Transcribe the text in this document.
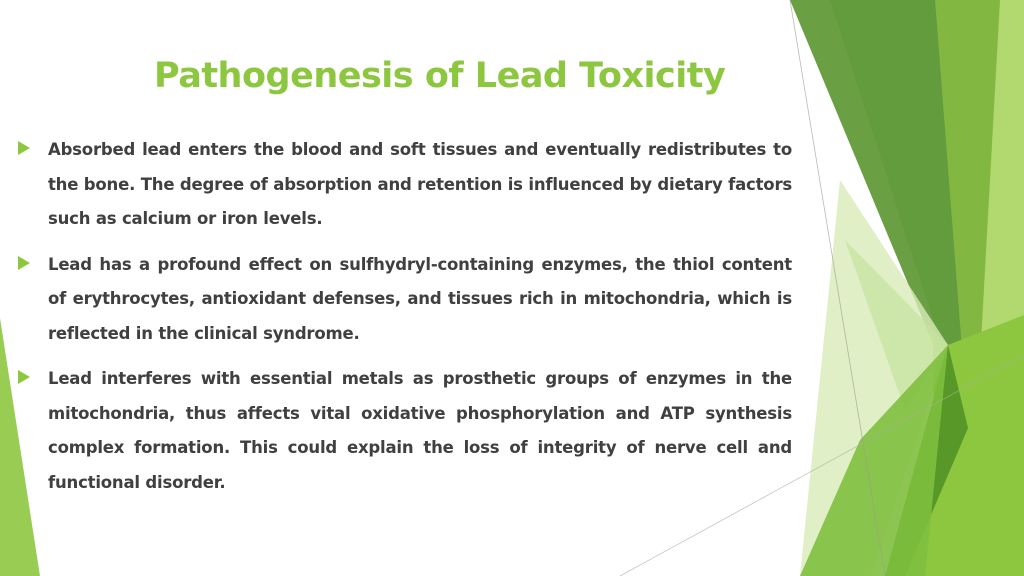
Pathogenesis of Lead Toxicity
Absorbed lead enters the blood and soft tissues and eventually redistributes to the bone. The degree of absorption and retention is influenced by dietary factors such as calcium or iron levels.
Lead has a profound effect on sulfhydryl-containing enzymes, the thiol content of erythrocytes, antioxidant defenses, and tissues rich in mitochondria, which is reflected in the clinical syndrome.
Lead interferes with essential metals as prosthetic groups of enzymes in the mitochondria, thus affects vital oxidative phosphorylation and ATP synthesis complex formation. This could explain the loss of integrity of nerve cell and functional disorder.
